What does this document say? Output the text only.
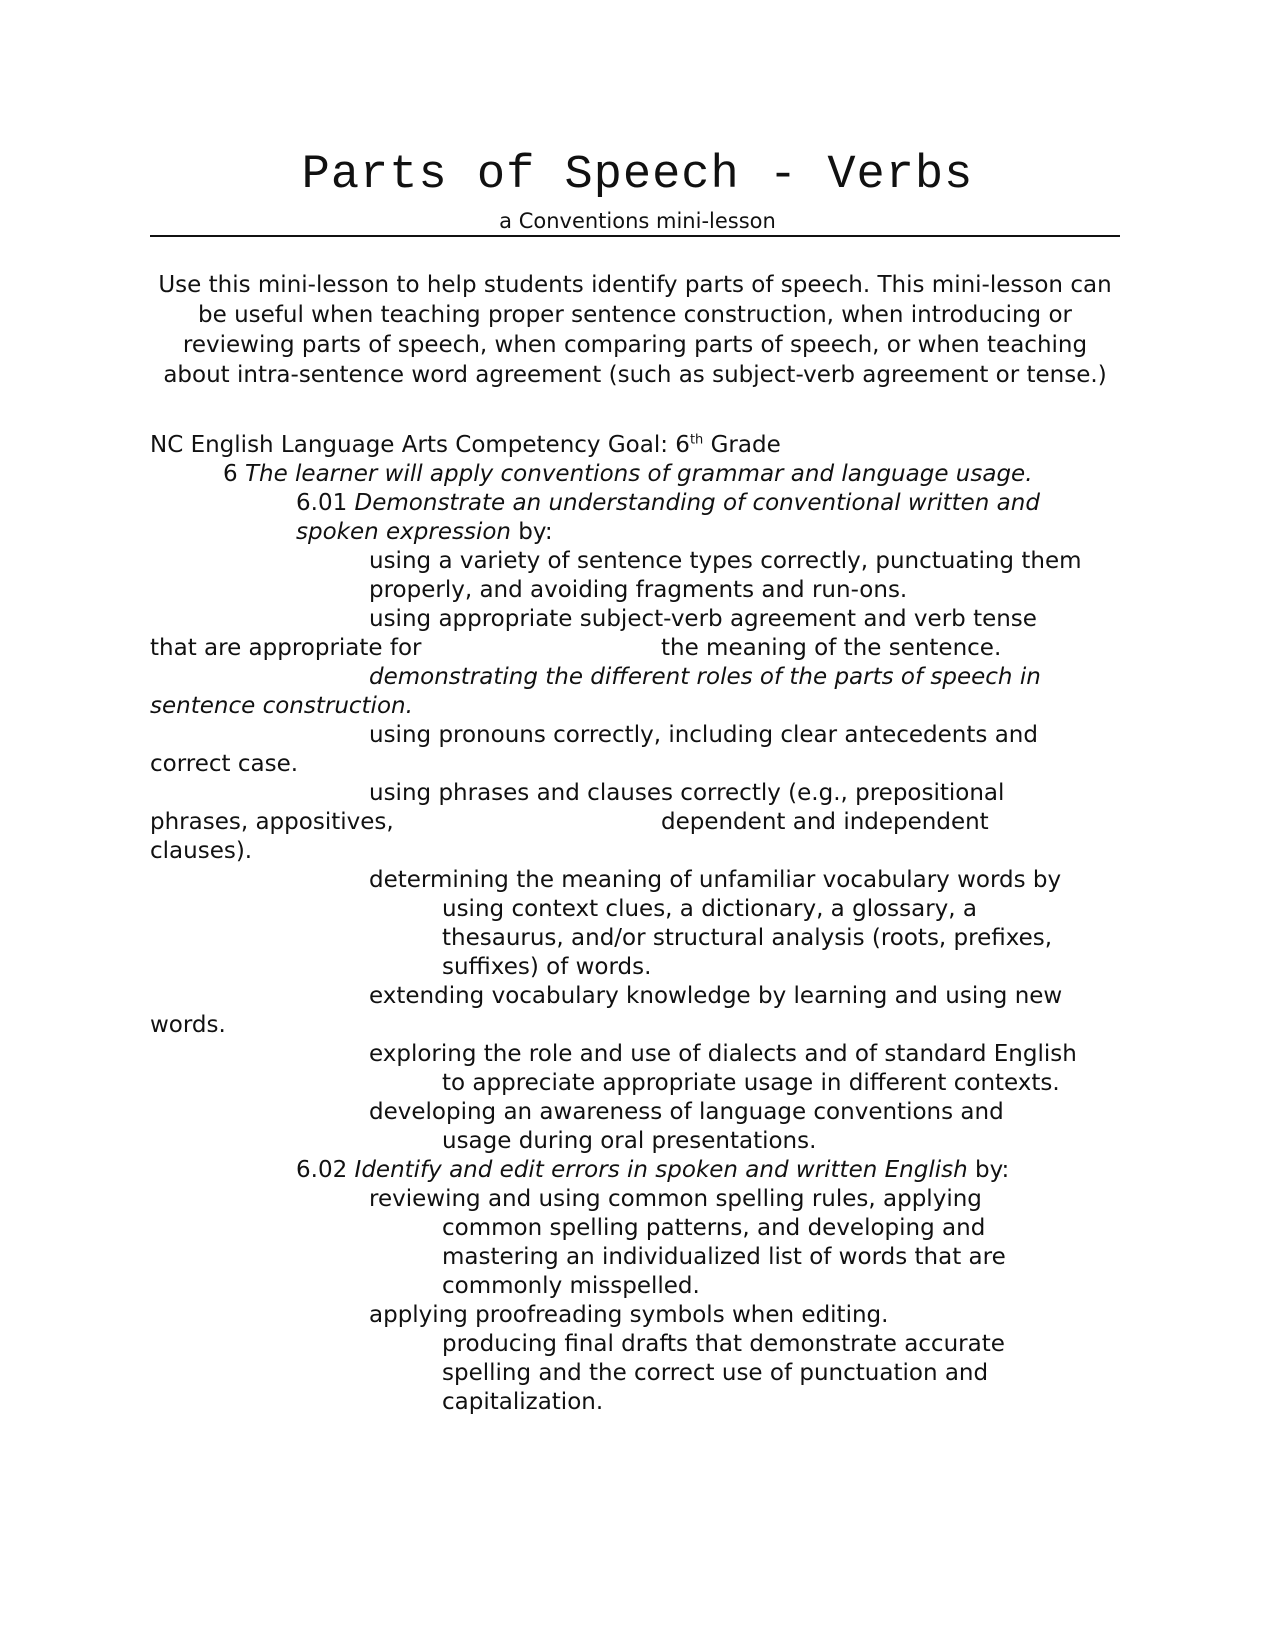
Parts of Speech - Verbs
a Conventions mini-lesson

Use this mini-lesson to help students identify parts of speech. This mini-lesson can be useful when teaching proper sentence construction, when introducing or reviewing parts of speech, when comparing parts of speech, or when teaching about intra-sentence word agreement (such as subject-verb agreement or tense.)

NC English Language Arts Competency Goal: 6th Grade

6 The learner will apply conventions of grammar and language usage.

6.01 Demonstrate an understanding of conventional written and

spoken expression by:

using a variety of sentence types correctly, punctuating them

properly, and avoiding fragments and run-ons.

using appropriate subject-verb agreement and verb tense

that are appropriate for	the meaning of the sentence.

demonstrating the different roles of the parts of speech in

sentence construction.

using pronouns correctly, including clear antecedents and

correct case.

using phrases and clauses correctly (e.g., prepositional

phrases, appositives,	dependent and independent

clauses).

determining the meaning of unfamiliar vocabulary words by

using context clues, a dictionary, a glossary, a

thesaurus, and/or structural analysis (roots, prefixes,

suffixes) of words.

extending vocabulary knowledge by learning and using new

words.

exploring the role and use of dialects and of standard English

to appreciate appropriate usage in different contexts.

developing an awareness of language conventions and

usage during oral presentations.

6.02 Identify and edit errors in spoken and written English by:

reviewing and using common spelling rules, applying

common spelling patterns, and developing and

mastering an individualized list of words that are

commonly misspelled.

applying proofreading symbols when editing.

producing final drafts that demonstrate accurate

spelling and the correct use of punctuation and

capitalization.
